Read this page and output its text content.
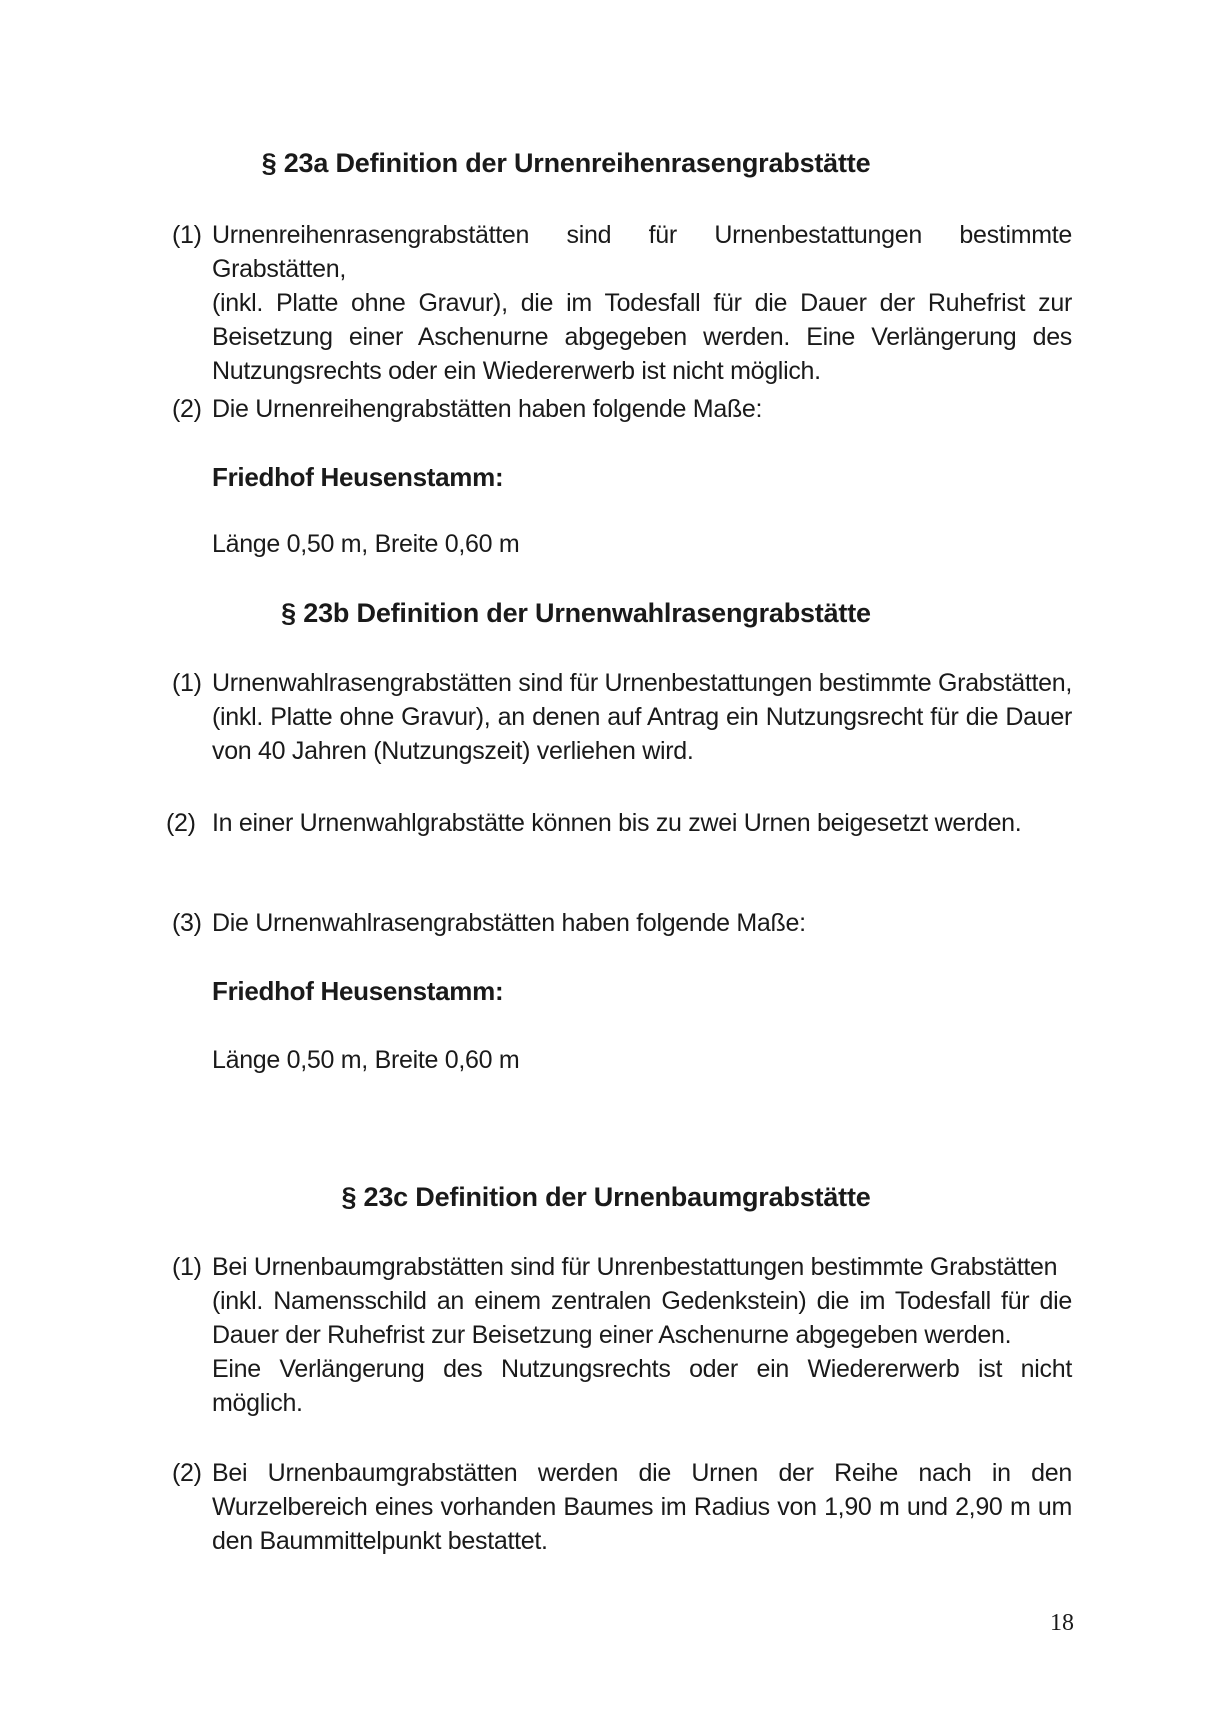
§ 23a Definition der Urnenreihenrasengrabstätte
(1) Urnenreihenrasengrabstätten sind für Urnenbestattungen bestimmte Grabstätten,
(inkl. Platte ohne Gravur), die im Todesfall für die Dauer der Ruhefrist zur
Beisetzung einer Aschenurne abgegeben werden. Eine Verlängerung des
Nutzungsrechts oder ein Wiedererwerb ist nicht möglich.
(2) Die Urnenreihengrabstätten haben folgende Maße:
Friedhof Heusenstamm:
Länge 0,50 m, Breite 0,60 m
§ 23b Definition der Urnenwahlrasengrabstätte
(1) Urnenwahlrasengrabstätten sind für Urnenbestattungen bestimmte Grabstätten,
(inkl. Platte ohne Gravur), an denen auf Antrag ein Nutzungsrecht für die Dauer
von 40 Jahren (Nutzungszeit) verliehen wird.
(2) In einer Urnenwahlgrabstätte können bis zu zwei Urnen beigesetzt werden.
(3) Die Urnenwahlrasengrabstätten haben folgende Maße:
Friedhof Heusenstamm:
Länge 0,50 m, Breite 0,60 m
§ 23c Definition der Urnenbaumgrabstätte
(1) Bei Urnenbaumgrabstätten sind für Unrenbestattungen bestimmte Grabstätten
(inkl. Namensschild an einem zentralen Gedenkstein) die im Todesfall für die
Dauer der Ruhefrist zur Beisetzung einer Aschenurne abgegeben werden.
Eine Verlängerung des Nutzungsrechts oder ein Wiedererwerb ist nicht möglich.
(2) Bei Urnenbaumgrabstätten werden die Urnen der Reihe nach in den
Wurzelbereich eines vorhanden Baumes im Radius von 1,90 m und 2,90 m um
den Baummittelpunkt bestattet.
18
